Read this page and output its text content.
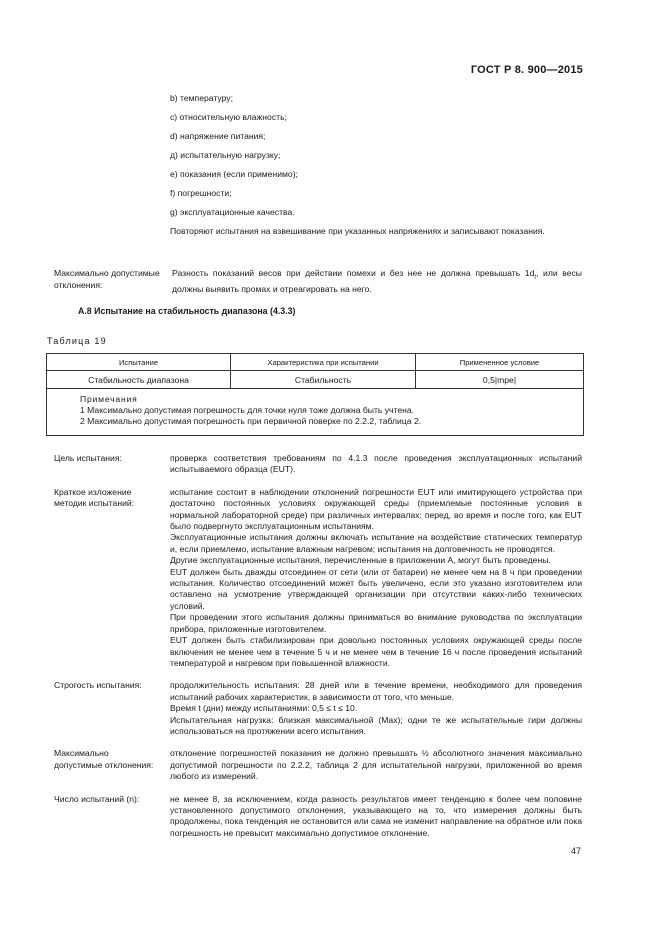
ГОСТ Р 8. 900—2015
b) температуру;
c) относительную влажность;
d) напряжение питания;
д) испытательную нагрузку;
е) показания (если применимо);
f) погрешности;
g) эксплуатационные качества.
Повторяют испытания на взвешивание при указанных напряжениях и записывают показания.
Максимально допустимые отклонения:
Разность показаний весов при действии помехи и без нее не должна превышать $1d_t$, или весы должны выявить промах и отреагировать на него.
А.8 Испытание на стабильность диапазона (4.3.3)
Таблица 19
Испытание	Характеристика при испытании	Примененное условие
Стабильность диапазона	Стабильность	0,5|mpe|

Примечания
1 Максимально допустимая погрешность для точки нуля тоже должна быть учтена.
2 Максимально допустимая погрешность при первичной поверке по 2.2.2, таблица 2.		
Цель испытания:	проверка соответствия требованиям по 4.1.3 после проведения эксплуатационных испытаний испытываемого образца (EUT).
Краткое изложение методик испытаний:
испытание состоит в наблюдении отклонений погрешности EUT или имитирующего устройства при достаточно постоянных условиях окружающей среды (приемлемые постоянные условия в нормальной лабораторной среде) при различных интервалах: перед, во время и после того, как EUT было подвергнуто эксплуатационным испытаниям.
Эксплуатационные испытания должны включать испытание на воздействие статических температур и, если приемлемо, испытание влажным нагревом; испытания на долговечность не проводятся.
Другие эксплуатационные испытания, перечисленные в приложении А, могут быть проведены.
EUT должен быть дважды отсоединен от сети (или от батареи) не менее чем на 8 ч при проведении испытания. Количество отсоединений может быть увеличено, если это указано изготовителем или оставлено на усмотрение утверждающей организации при отсутствии каких-либо технических условий.
При проведении этого испытания должны приниматься во внимание руководства по эксплуатации прибора, приложенные изготовителем.
EUT должен быть стабилизирован при довольно постоянных условиях окружающей среды после включения не менее чем в течение 5 ч и не менее чем в течение 16 ч после проведения испытаний температурой и нагревом при повышенной влажности.
Строгость испытания:	продолжительность испытания: 28 дней или в течение времени, необходимого для проведения испытаний рабочих характеристик, в зависимости от того, что меньше.
Время t (дни) между испытаниями: 0,5 ≤ t ≤ 10.
Испытательная нагрузка: близкая максимальной (Max); одни те же испытательные гири должны использоваться на протяжении всего испытания.
Максимально допустимые отклонения:
отклонение погрешностей показания не должно превышать ½ абсолютного значения максимально допустимой погрешности по 2.2.2, таблица 2 для испытательной нагрузки, приложенной во время любого из измерений.
Число испытаний (n):	не менее 8, за исключением, когда разность результатов имеет тенденцию к более чем половине установленного допустимого отклонения, указывающего на то, что измерения должны быть продолжены, пока тенденция не остановится или сама не изменит направление на обратное или пока погрешность не превысит максимально допустимое отклонение.
47
